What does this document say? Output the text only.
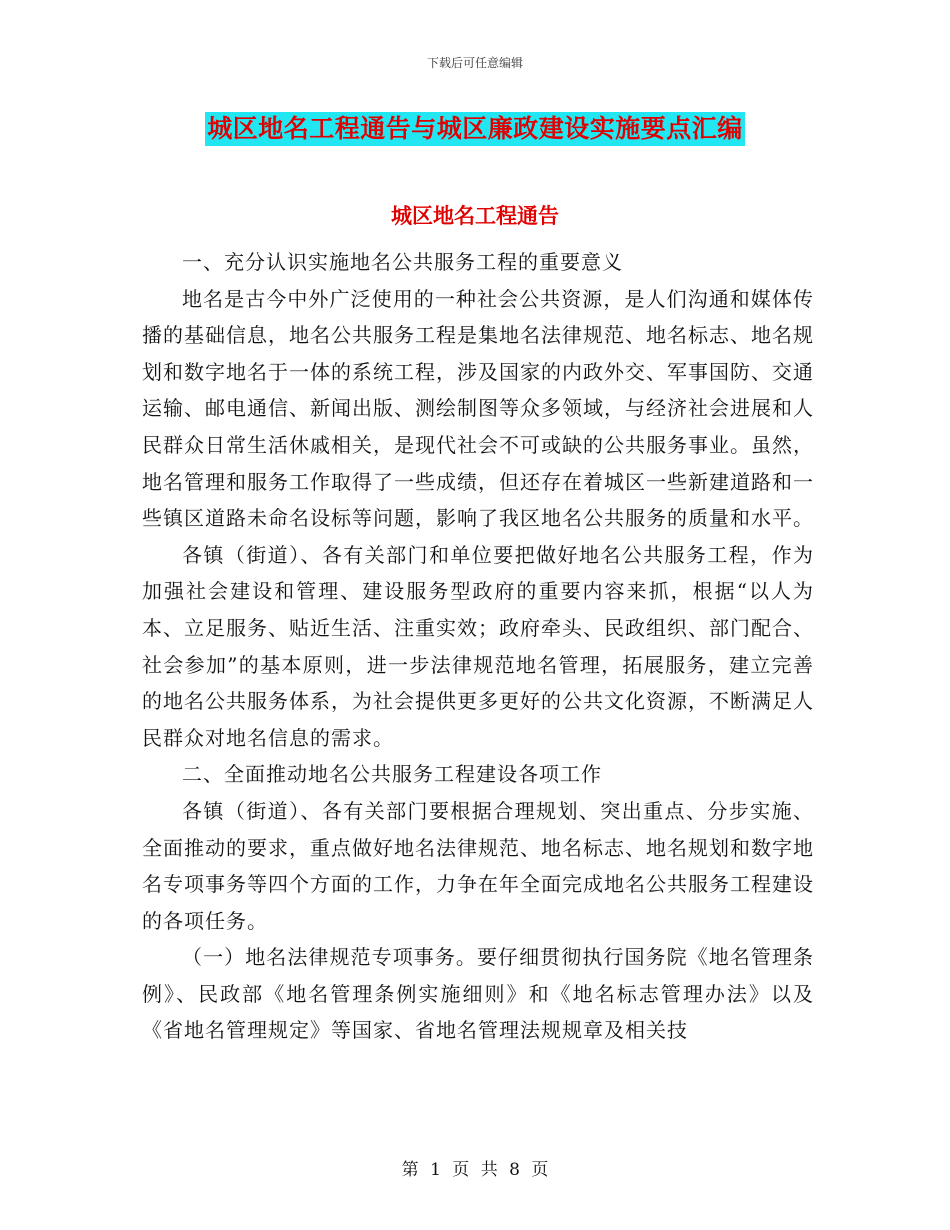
下载后可任意编辑
城区地名工程通告与城区廉政建设实施要点汇编
城区地名工程通告

一、充分认识实施地名公共服务工程的重要意义

地名是古今中外广泛使用的一种社会公共资源，是人们沟通和媒体传播的基础信息，地名公共服务工程是集地名法律规范、地名标志、地名规划和数字地名于一体的系统工程，涉及国家的内政外交、军事国防、交通运输、邮电通信、新闻出版、测绘制图等众多领域，与经济社会进展和人民群众日常生活休戚相关，是现代社会不可或缺的公共服务事业。虽然，地名管理和服务工作取得了一些成绩，但还存在着城区一些新建道路和一些镇区道路未命名设标等问题，影响了我区地名公共服务的质量和水平。

各镇（街道）、各有关部门和单位要把做好地名公共服务工程，作为加强社会建设和管理、建设服务型政府的重要内容来抓，根据“以人为本、立足服务、贴近生活、注重实效；政府牵头、民政组织、部门配合、社会参加”的基本原则，进一步法律规范地名管理，拓展服务，建立完善的地名公共服务体系，为社会提供更多更好的公共文化资源，不断满足人民群众对地名信息的需求。

二、全面推动地名公共服务工程建设各项工作

各镇（街道）、各有关部门要根据合理规划、突出重点、分步实施、全面推动的要求，重点做好地名法律规范、地名标志、地名规划和数字地名专项事务等四个方面的工作，力争在年全面完成地名公共服务工程建设的各项任务。

（一）地名法律规范专项事务。要仔细贯彻执行国务院《地名管理条例》、民政部《地名管理条例实施细则》和《地名标志管理办法》以及《省地名管理规定》等国家、省地名管理法规规章及相关技

第 1 页 共 8 页
